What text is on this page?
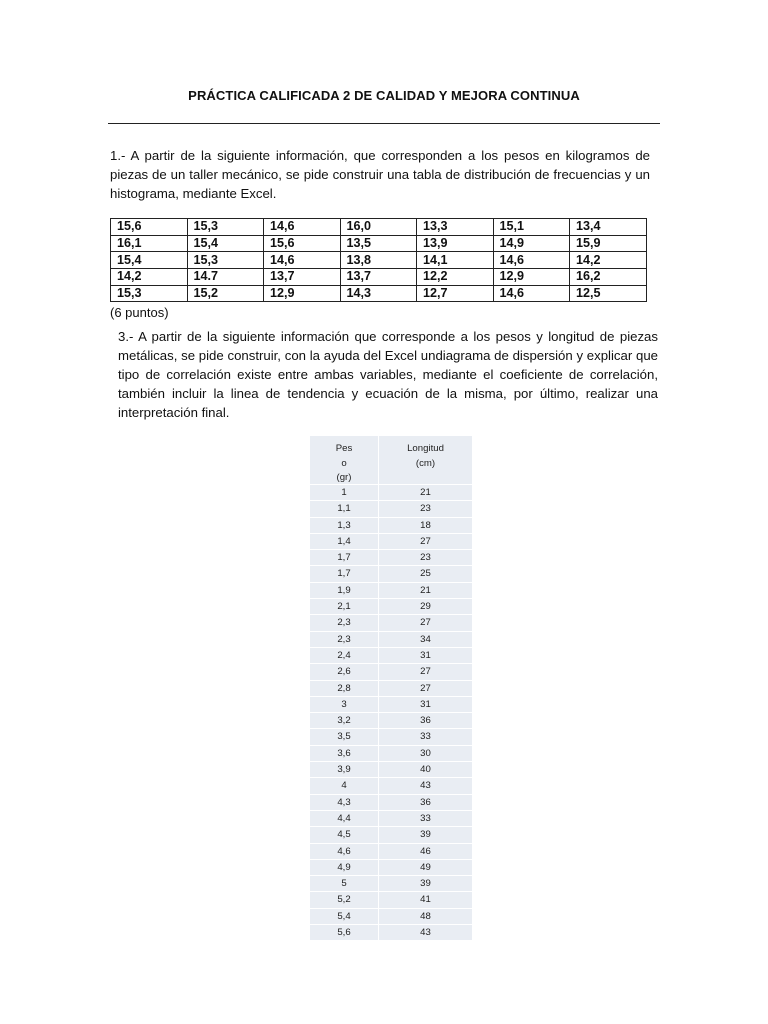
PRÁCTICA CALIFICADA 2 DE CALIDAD Y MEJORA CONTINUA
1.- A partir de la siguiente información, que corresponden a los pesos en kilogramos de piezas de un taller mecánico, se pide construir una tabla de distribución de frecuencias y un histograma, mediante Excel.
15,6	15,3	14,6	16,0	13,3	15,1	13,4
16,1	15,4	15,6	13,5	13,9	14,9	15,9
15,4	15,3	14,6	13,8	14,1	14,6	14,2
14,2	14.7	13,7	13,7	12,2	12,9	16,2
15,3	15,2	12,9	14,3	12,7	14,6	12,5
(6 puntos)
3.- A partir de la siguiente información que corresponde a los pesos y longitud de piezas metálicas, se pide construir, con la ayuda del Excel undiagrama de dispersión y explicar que tipo de correlación existe entre ambas variables, mediante el coeficiente de correlación, también incluir la linea de tendencia y ecuación de la misma, por último, realizar una interpretación final.
Pes
o
(gr)
Longitud
(cm)
1	21
1,1	23
1,3	18
1,4	27
1,7	23
1,7	25
1,9	21
2,1	29
2,3	27
2,3	34
2,4	31
2,6	27
2,8	27
3	31
3,2	36
3,5	33
3,6	30
3,9	40
4	43
4,3	36
4,4	33
4,5	39
4,6	46
4,9	49
5	39
5,2	41
5,4	48
5,6	43
